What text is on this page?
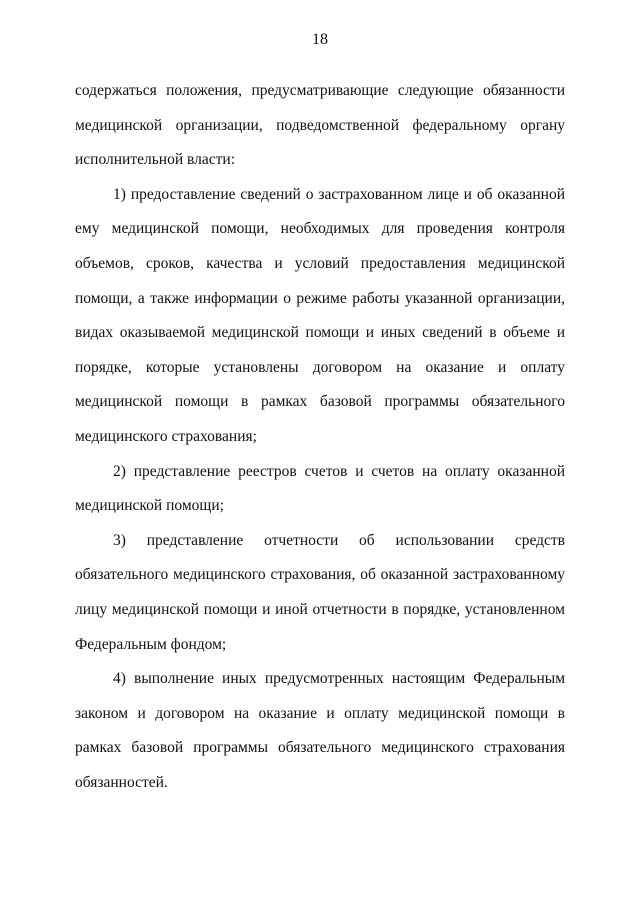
18

содержаться положения, предусматривающие следующие обязанности медицинской организации, подведомственной федеральному органу исполнительной власти:

1) предоставление сведений о застрахованном лице и об оказанной ему медицинской помощи, необходимых для проведения контроля объемов, сроков, качества и условий предоставления медицинской помощи, а также информации о режиме работы указанной организации, видах оказываемой медицинской помощи и иных сведений в объеме и порядке, которые установлены договором на оказание и оплату медицинской помощи в рамках базовой программы обязательного медицинского страхования;

2) представление реестров счетов и счетов на оплату оказанной медицинской помощи;

3) представление отчетности об использовании средств обязательного медицинского страхования, об оказанной застрахованному лицу медицинской помощи и иной отчетности в порядке, установленном Федеральным фондом;

4) выполнение иных предусмотренных настоящим Федеральным законом и договором на оказание и оплату медицинской помощи в рамках базовой программы обязательного медицинского страхования обязанностей.
